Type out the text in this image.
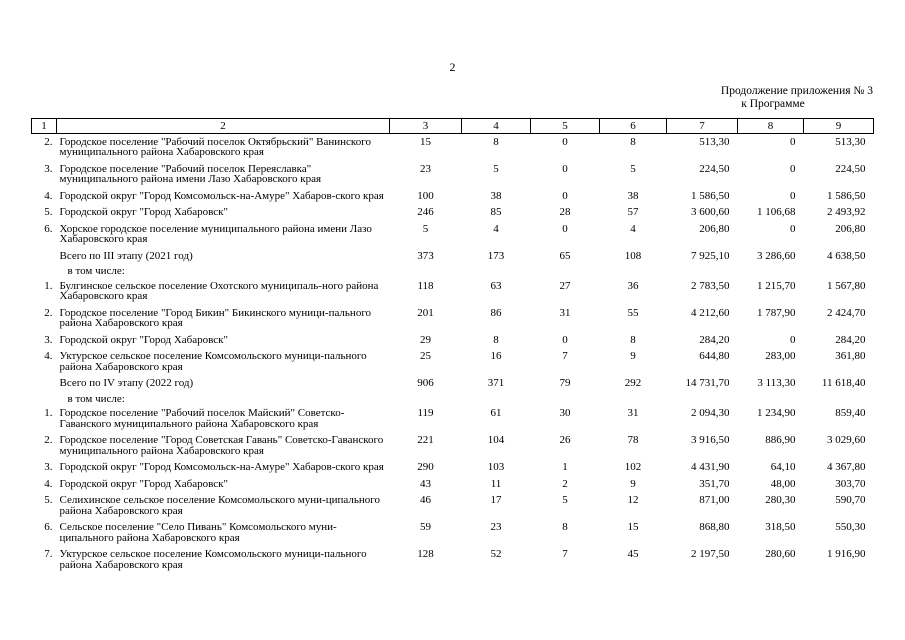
2
Продолжение приложения № 3
к Программе
1	2	3	4	5	6	7	8	9
2.	Городское поселение "Рабочий поселок Октябрьский" Ванинского муниципального района Хабаровского края	15	8	0	8	513,30	0	513,30
3.	Городское поселение "Рабочий поселок Переяславка" муниципального района имени Лазо Хабаровского края	23	5	0	5	224,50	0	224,50
4.	Городской округ "Город Комсомольск-на-Амуре" Хабаров-ского края	100	38	0	38	1 586,50	0	1 586,50
5.	Городской округ "Город Хабаровск"	246	85	28	57	3 600,60	1 106,68	2 493,92
6.	Хорское городское поселение муниципального района имени Лазо Хабаровского края	5	4	0	4	206,80	0	206,80
	Всего по III этапу (2021 год)	373	173	65	108	7 925,10	3 286,60	4 638,50
	в том числе:							
1.	Булгинское сельское поселение Охотского муниципаль-ного района Хабаровского края	118	63	27	36	2 783,50	1 215,70	1 567,80
2.	Городское поселение "Город Бикин" Бикинского муници-пального района Хабаровского края	201	86	31	55	4 212,60	1 787,90	2 424,70
3.	Городской округ "Город Хабаровск"	29	8	0	8	284,20	0	284,20
4.	Уктурское сельское поселение Комсомольского муници-пального района Хабаровского края	25	16	7	9	644,80	283,00	361,80
	Всего по IV этапу (2022 год)	906	371	79	292	14 731,70	3 113,30	11 618,40
	в том числе:							
1.	Городское поселение "Рабочий поселок Майский" Советско-Гаванского муниципального района Хабаровского края	119	61	30	31	2 094,30	1 234,90	859,40
2.	Городское поселение "Город Советская Гавань" Советско-Гаванского муниципального района Хабаровского края	221	104	26	78	3 916,50	886,90	3 029,60
3.	Городской округ "Город Комсомольск-на-Амуре" Хабаров-ского края	290	103	1	102	4 431,90	64,10	4 367,80
4.	Городской округ "Город Хабаровск"	43	11	2	9	351,70	48,00	303,70
5.	Селихинское сельское поселение Комсомольского муни-ципального района Хабаровского края	46	17	5	12	871,00	280,30	590,70
6.	Сельское поселение "Село Пивань" Комсомольского муни-ципального района Хабаровского края	59	23	8	15	868,80	318,50	550,30
7.	Уктурское сельское поселение Комсомольского муници-пального района Хабаровского края	128	52	7	45	2 197,50	280,60	1 916,90
